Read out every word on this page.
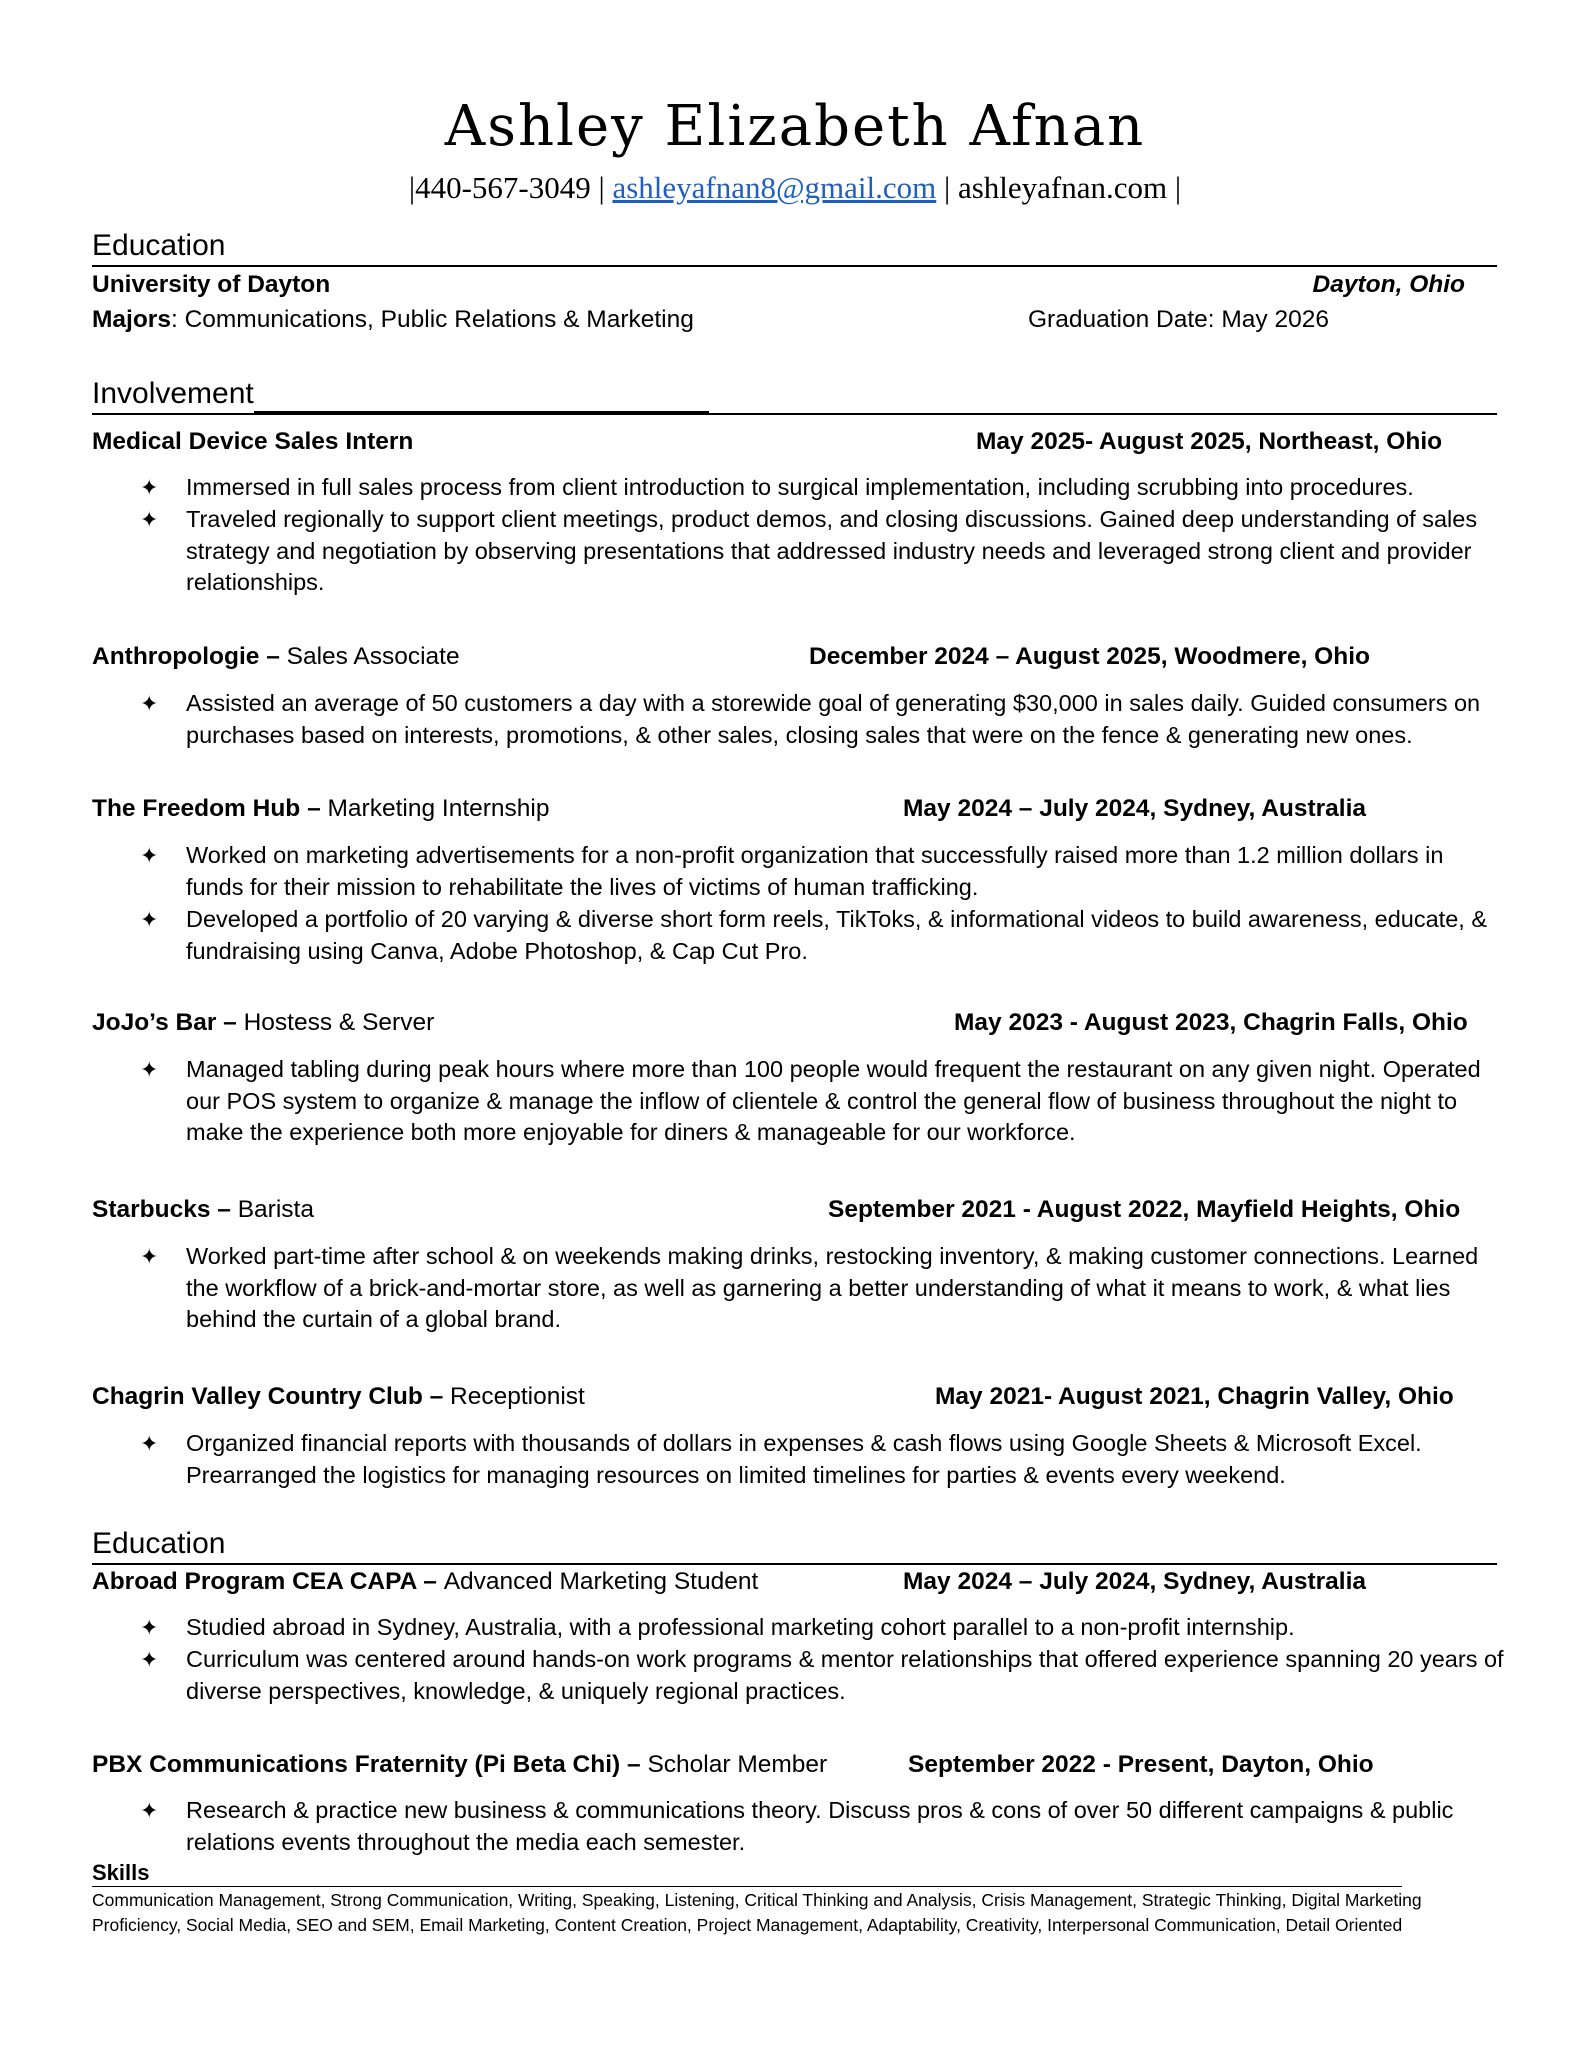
Ashley Elizabeth Afnan
|440-567-3049 | ashleyafnan8@gmail.com | ashleyafnan.com |
Education
University of Dayton	Dayton, Ohio
Majors: Communications, Public Relations & Marketing	Graduation Date: May 2026
Involvement
Medical Device Sales Intern	May 2025- August 2025, Northeast, Ohio
✦ Immersed in full sales process from client introduction to surgical implementation, including scrubbing into procedures.
✦ Traveled regionally to support client meetings, product demos, and closing discussions. Gained deep understanding of sales strategy and negotiation by observing presentations that addressed industry needs and leveraged strong client and provider relationships.
Anthropologie – Sales Associate	December 2024 – August 2025, Woodmere, Ohio
✦ Assisted an average of 50 customers a day with a storewide goal of generating $30,000 in sales daily. Guided consumers on purchases based on interests, promotions, & other sales, closing sales that were on the fence & generating new ones.
The Freedom Hub – Marketing Internship	May 2024 – July 2024, Sydney, Australia
✦ Worked on marketing advertisements for a non-profit organization that successfully raised more than 1.2 million dollars in funds for their mission to rehabilitate the lives of victims of human trafficking.
✦ Developed a portfolio of 20 varying & diverse short form reels, TikToks, & informational videos to build awareness, educate, & fundraising using Canva, Adobe Photoshop, & Cap Cut Pro.
JoJo’s Bar – Hostess & Server	May 2023 - August 2023, Chagrin Falls, Ohio
✦ Managed tabling during peak hours where more than 100 people would frequent the restaurant on any given night. Operated our POS system to organize & manage the inflow of clientele & control the general flow of business throughout the night to make the experience both more enjoyable for diners & manageable for our workforce.
Starbucks – Barista	September 2021 - August 2022, Mayfield Heights, Ohio
✦ Worked part-time after school & on weekends making drinks, restocking inventory, & making customer connections. Learned the workflow of a brick-and-mortar store, as well as garnering a better understanding of what it means to work, & what lies behind the curtain of a global brand.
Chagrin Valley Country Club – Receptionist	May 2021- August 2021, Chagrin Valley, Ohio
✦ Organized financial reports with thousands of dollars in expenses & cash flows using Google Sheets & Microsoft Excel. Prearranged the logistics for managing resources on limited timelines for parties & events every weekend.
Education
Abroad Program CEA CAPA – Advanced Marketing Student	May 2024 – July 2024, Sydney, Australia
✦ Studied abroad in Sydney, Australia, with a professional marketing cohort parallel to a non-profit internship.
✦ Curriculum was centered around hands-on work programs & mentor relationships that offered experience spanning 20 years of diverse perspectives, knowledge, & uniquely regional practices.
PBX Communications Fraternity (Pi Beta Chi) – Scholar Member	September 2022 - Present, Dayton, Ohio
✦ Research & practice new business & communications theory. Discuss pros & cons of over 50 different campaigns & public relations events throughout the media each semester.
Skills
Communication Management, Strong Communication, Writing, Speaking, Listening, Critical Thinking and Analysis, Crisis Management, Strategic Thinking, Digital Marketing Proficiency, Social Media, SEO and SEM, Email Marketing, Content Creation, Project Management, Adaptability, Creativity, Interpersonal Communication, Detail Oriented
